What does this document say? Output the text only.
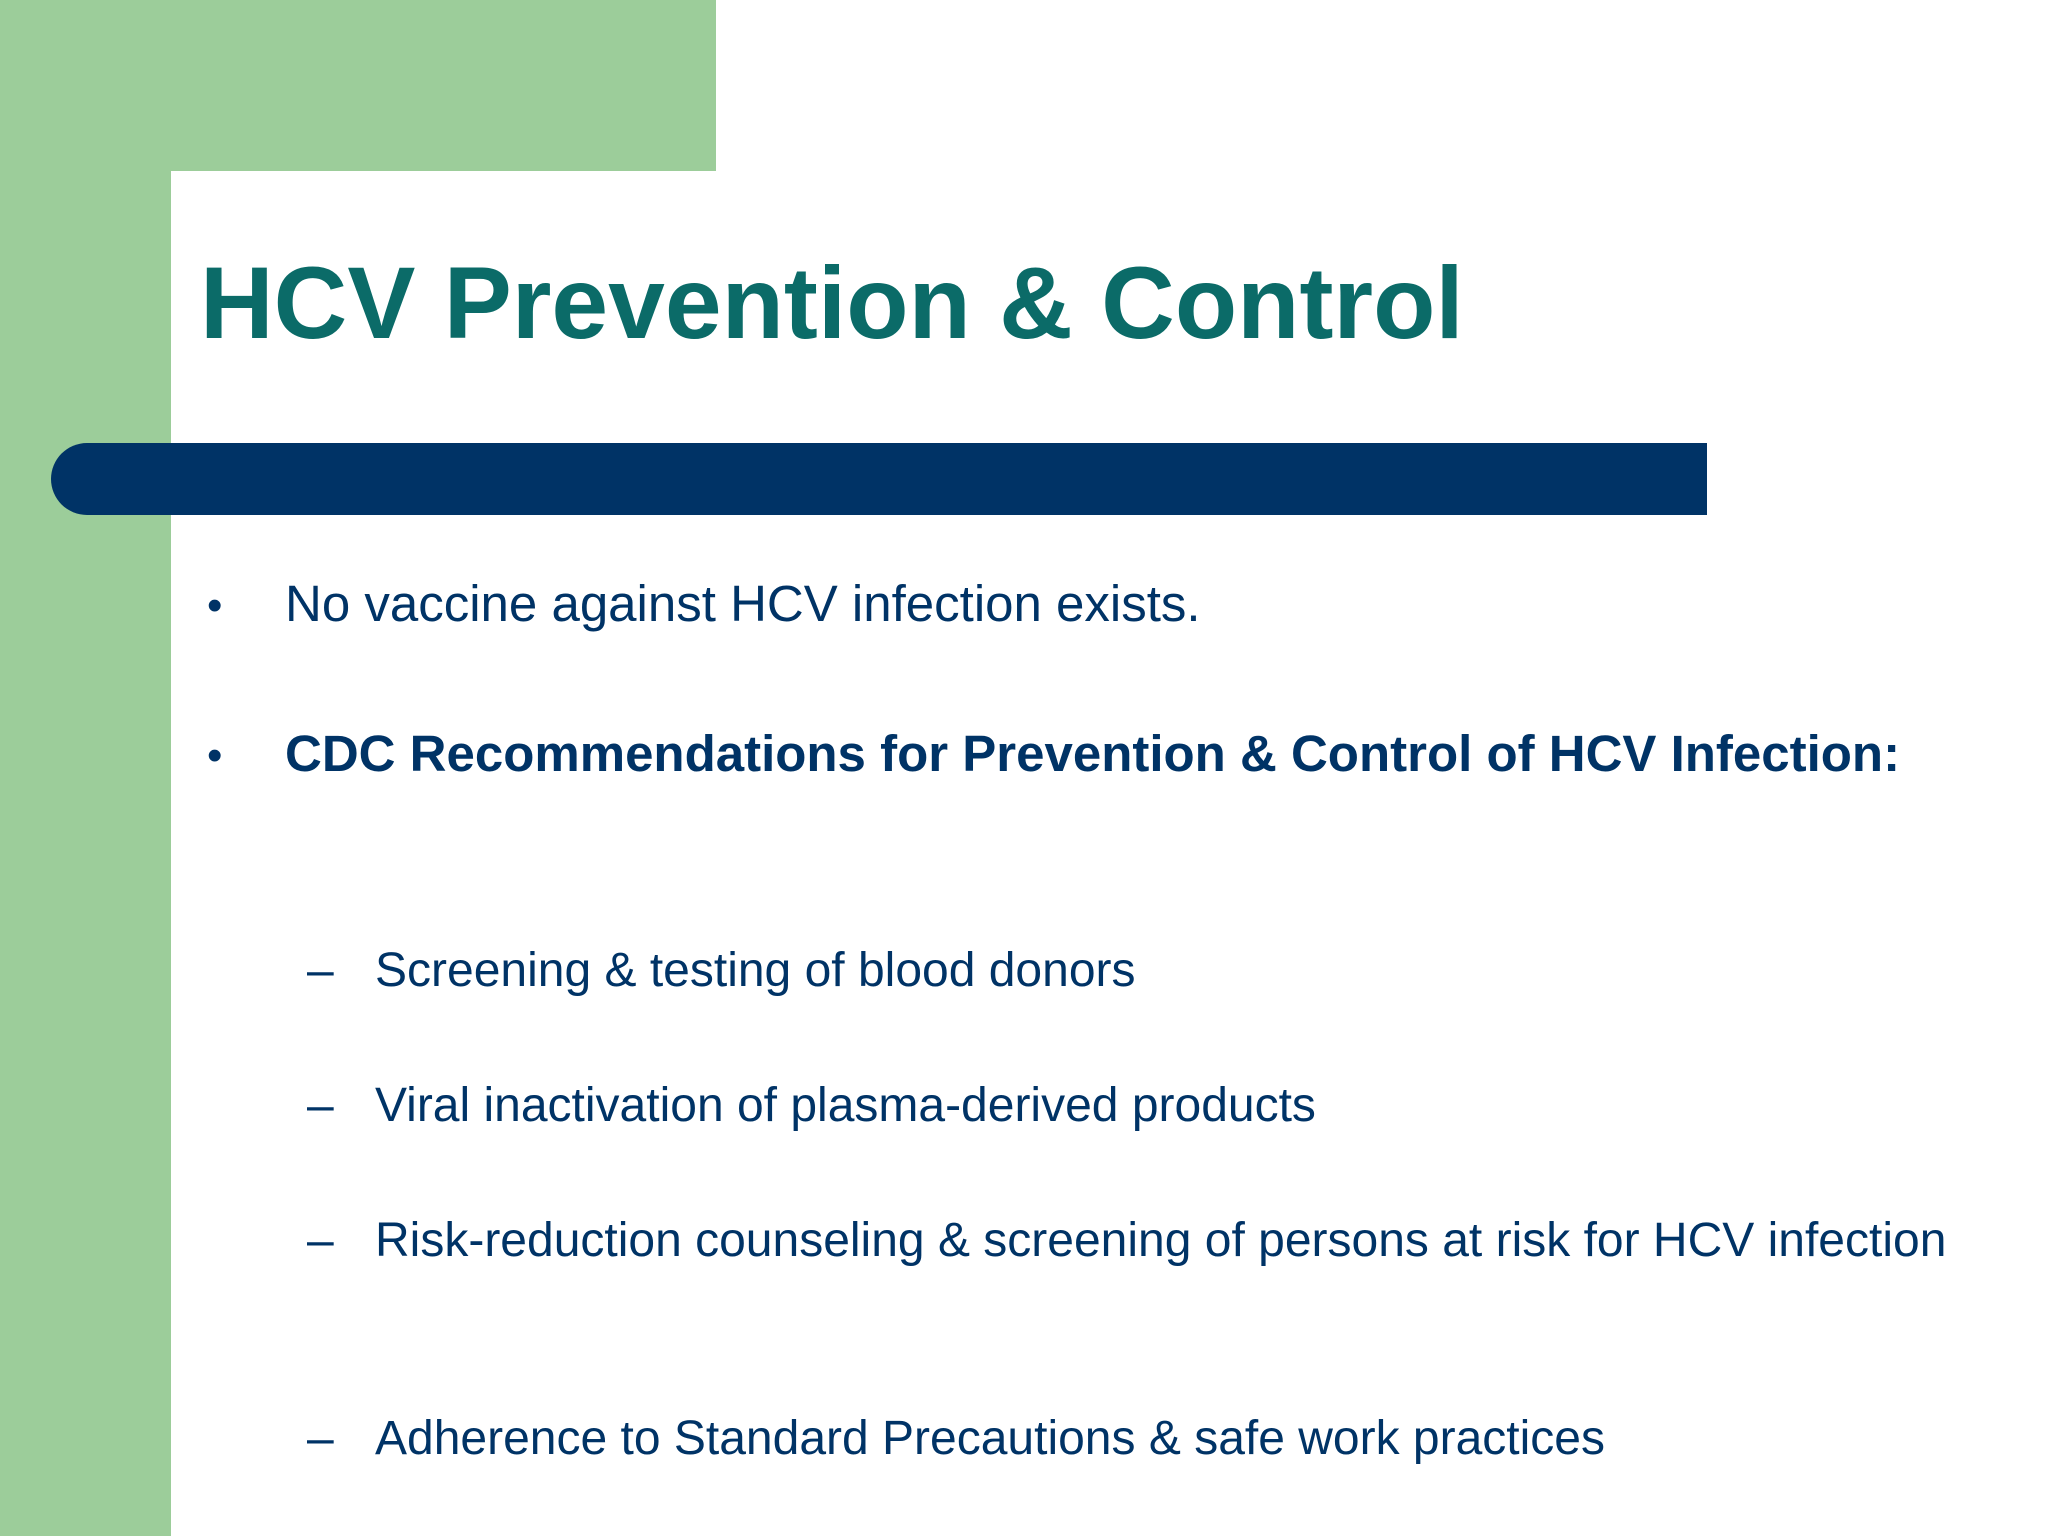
HCV Prevention & Control
• No vaccine against HCV infection exists.
• CDC Recommendations for Prevention & Control of HCV Infection:
– Screening & testing of blood donors
– Viral inactivation of plasma-derived products
– Risk-reduction counseling & screening of persons at risk for HCV infection
– Adherence to Standard Precautions & safe work practices
